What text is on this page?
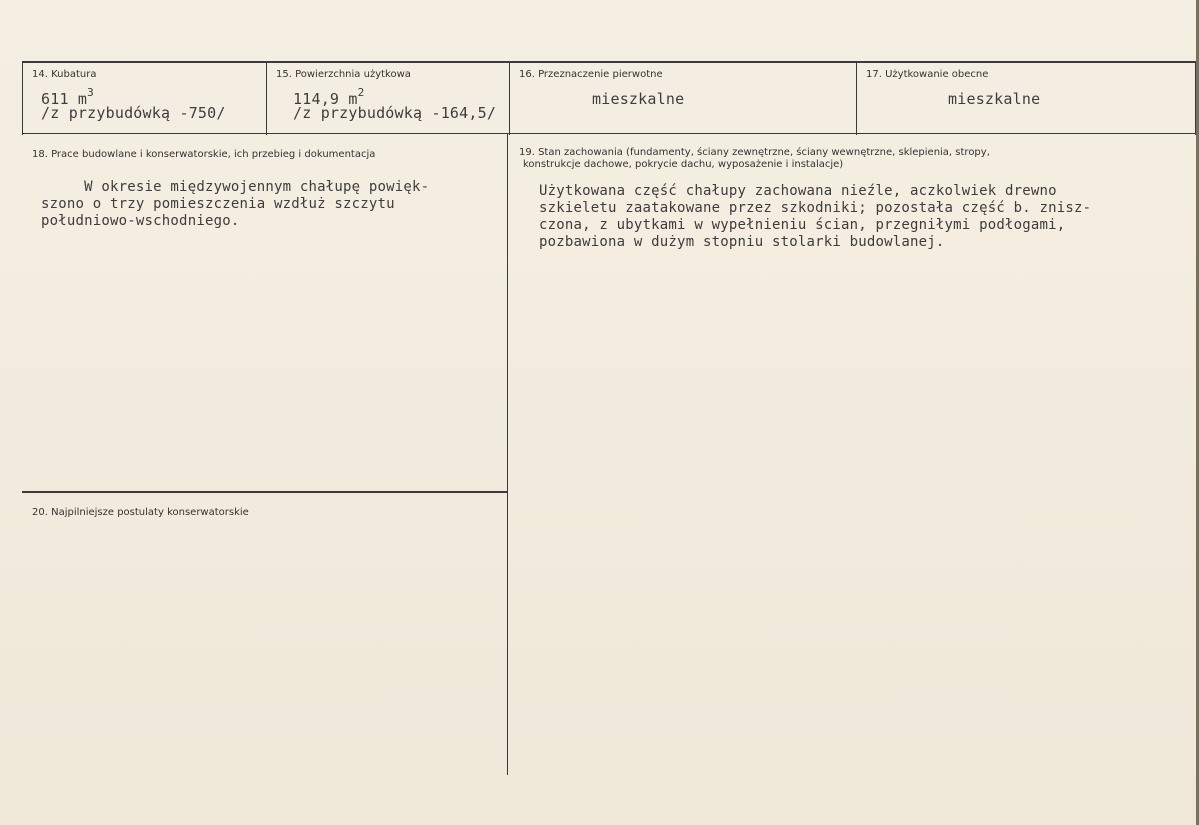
14. Kubatura
611 $m^3$
/z przybudówką -750/
15. Powierzchnia użytkowa
114,9 $m^2$
/z przybudówką -164,5/
16. Przeznaczenie pierwotne
mieszkalne
17. Użytkowanie obecne
mieszkalne
18. Prace budowlane i konserwatorskie, ich przebieg i dokumentacja
W okresie międzywojennym chałupę powięk-
szono o trzy pomieszczenia wzdłuż szczytu
południowo-wschodniego.
19. Stan zachowania (fundamenty, ściany zewnętrzne, ściany wewnętrzne, sklepienia, stropy,
konstrukcje dachowe, pokrycie dachu, wyposażenie i instalacje)
Użytkowana część chałupy zachowana nieźle, aczkolwiek drewno
szkieletu zaatakowane przez szkodniki; pozostała część b. znisz-
czona, z ubytkami w wypełnieniu ścian, przegniłymi podłogami,
pozbawiona w dużym stopniu stolarki budowlanej.
20. Najpilniejsze postulaty konserwatorskie
